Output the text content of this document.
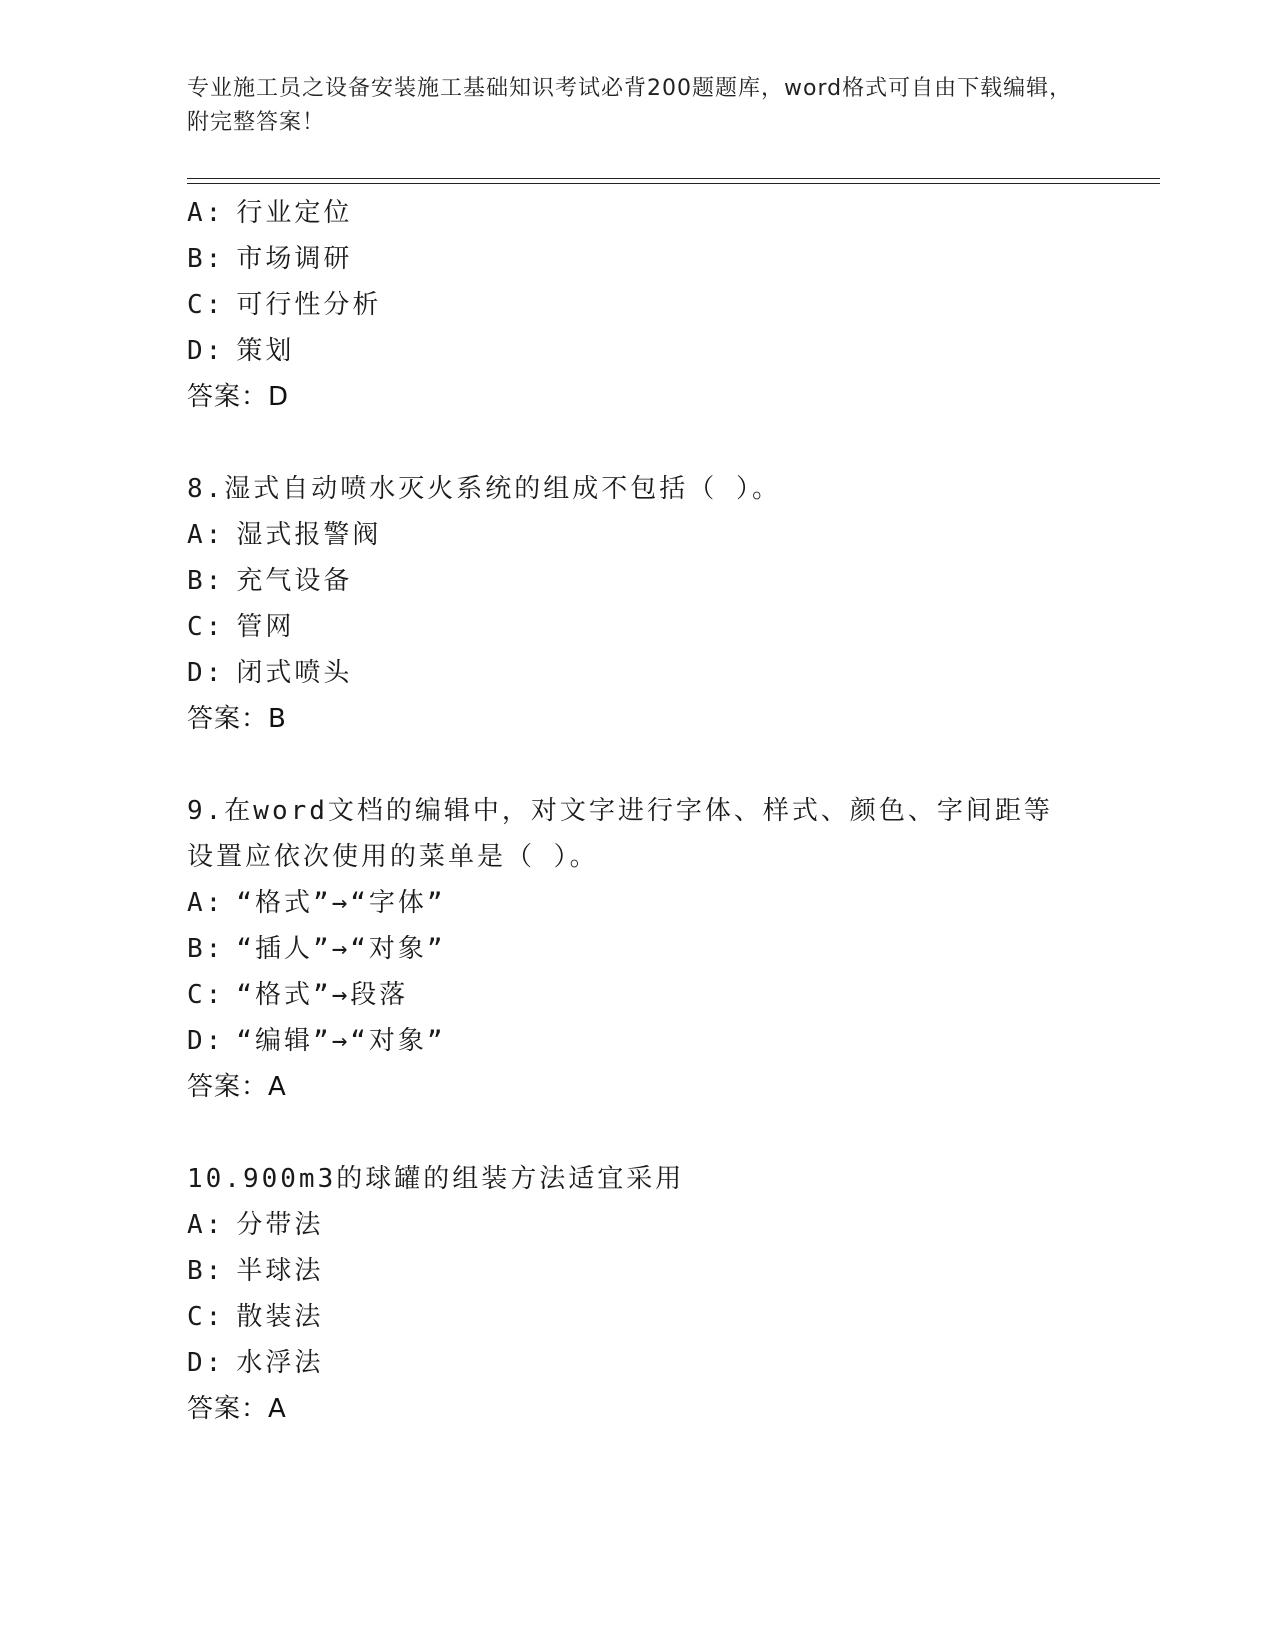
专业施工员之设备安装施工基础知识考试必背200题题库，word格式可自由下载编辑，附完整答案！
A: 行业定位
B: 市场调研
C: 可行性分析
D: 策划
答案：D
8.湿式自动喷水灭火系统的组成不包括（ ）。
A: 湿式报警阀
B: 充气设备
C: 管网
D: 闭式喷头
答案：B
9.在word文档的编辑中，对文字进行字体、样式、颜色、字间距等设置应依次使用的菜单是（ ）。
A: “格式”→“字体”
B: “插人”→“对象”
C: “格式”→段落
D: “编辑”→“对象”
答案：A
10.900m3的球罐的组装方法适宜采用
A: 分带法
B: 半球法
C: 散装法
D: 水浮法
答案：A
